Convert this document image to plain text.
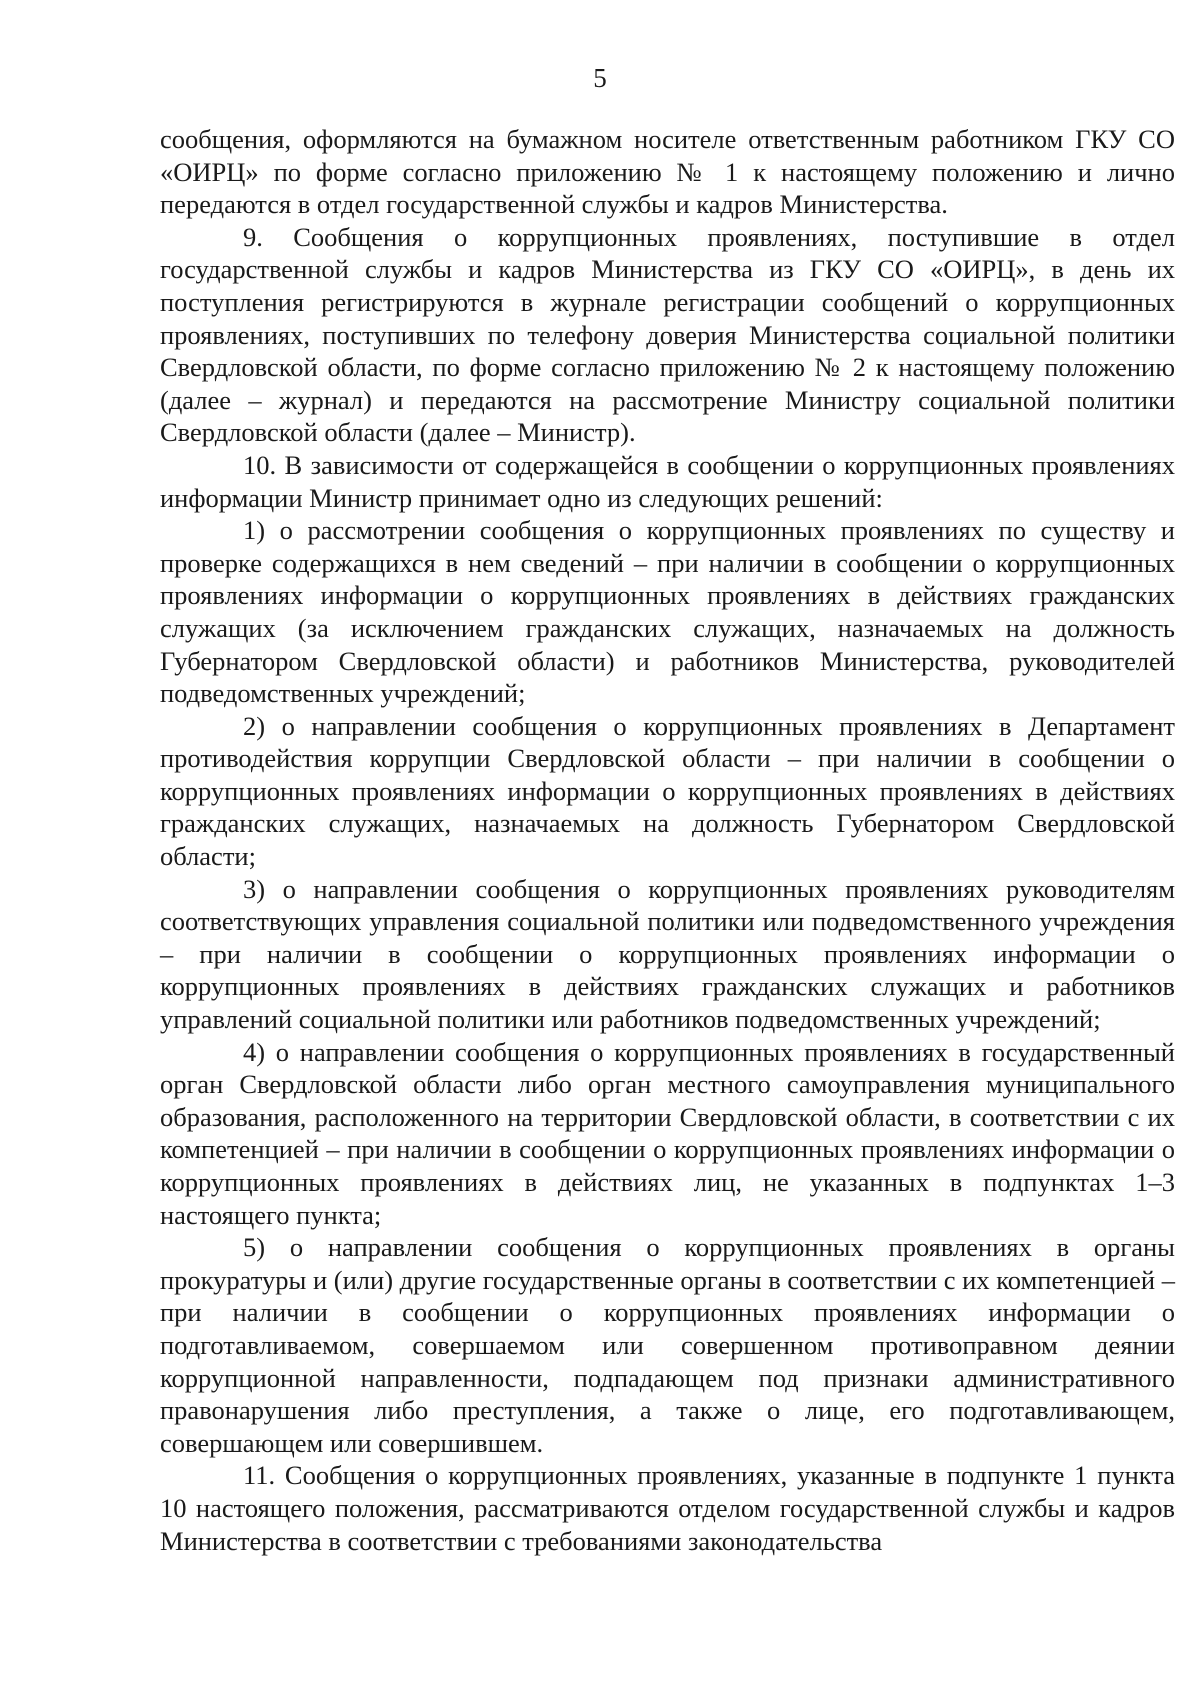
5

сообщения, оформляются на бумажном носителе ответственным работником ГКУ СО «ОИРЦ» по форме согласно приложению № 1 к настоящему положению и лично передаются в отдел государственной службы и кадров Министерства.

9. Сообщения о коррупционных проявлениях, поступившие в отдел государственной службы и кадров Министерства из ГКУ СО «ОИРЦ», в день их поступления регистрируются в журнале регистрации сообщений о коррупционных проявлениях, поступивших по телефону доверия Министерства социальной политики Свердловской области, по форме согласно приложению № 2 к настоящему положению (далее – журнал) и передаются на рассмотрение Министру социальной политики Свердловской области (далее – Министр).

10. В зависимости от содержащейся в сообщении о коррупционных проявлениях информации Министр принимает одно из следующих решений:

1) о рассмотрении сообщения о коррупционных проявлениях по существу и проверке содержащихся в нем сведений – при наличии в сообщении о коррупционных проявлениях информации о коррупционных проявлениях в действиях гражданских служащих (за исключением гражданских служащих, назначаемых на должность Губернатором Свердловской области) и работников Министерства, руководителей подведомственных учреждений;

2) о направлении сообщения о коррупционных проявлениях в Департамент противодействия коррупции Свердловской области – при наличии в сообщении о коррупционных проявлениях информации о коррупционных проявлениях в действиях гражданских служащих, назначаемых на должность Губернатором Свердловской области;

3) о направлении сообщения о коррупционных проявлениях руководителям соответствующих управления социальной политики или подведомственного учреждения – при наличии в сообщении о коррупционных проявлениях информации о коррупционных проявлениях в действиях гражданских служащих и работников управлений социальной политики или работников подведомственных учреждений;

4) о направлении сообщения о коррупционных проявлениях в государственный орган Свердловской области либо орган местного самоуправления муниципального образования, расположенного на территории Свердловской области, в соответствии с их компетенцией – при наличии в сообщении о коррупционных проявлениях информации о коррупционных проявлениях в действиях лиц, не указанных в подпунктах 1–3 настоящего пункта;

5) о направлении сообщения о коррупционных проявлениях в органы прокуратуры и (или) другие государственные органы в соответствии с их компетенцией – при наличии в сообщении о коррупционных проявлениях информации о подготавливаемом, совершаемом или совершенном противоправном деянии коррупционной направленности, подпадающем под признаки административного правонарушения либо преступления, а также о лице, его подготавливающем, совершающем или совершившем.

11. Сообщения о коррупционных проявлениях, указанные в подпункте 1 пункта 10 настоящего положения, рассматриваются отделом государственной службы и кадров Министерства в соответствии с требованиями законодательства
